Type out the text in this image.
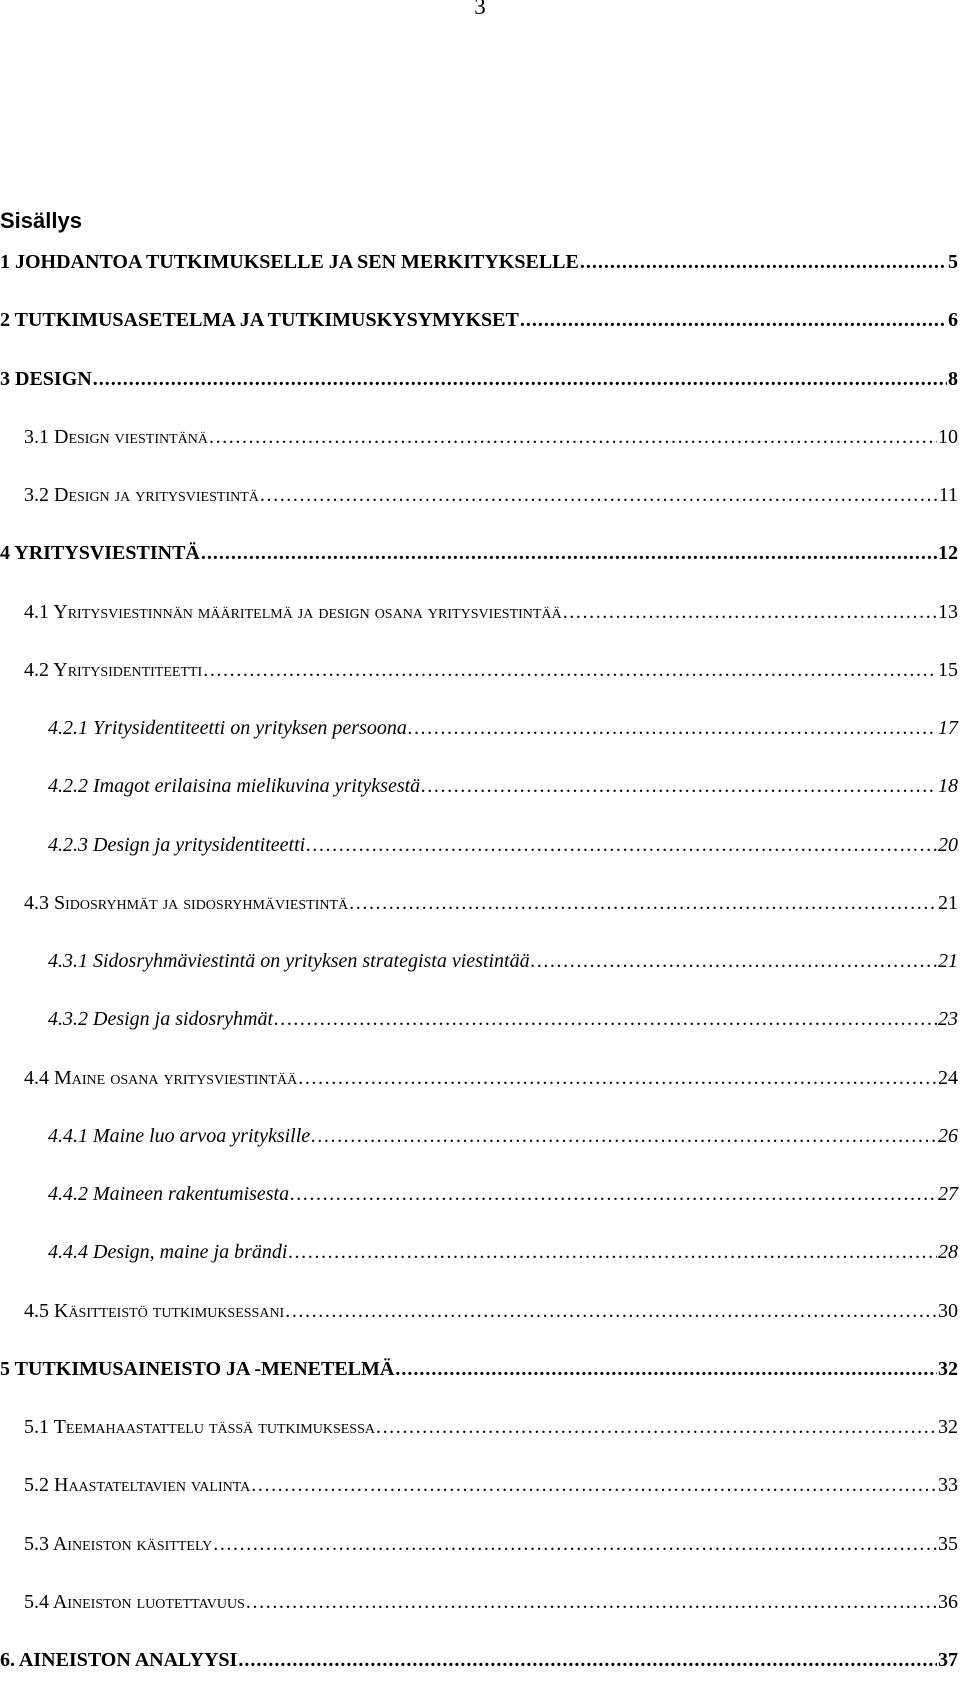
3
Sisällys
1 JOHDANTOA TUTKIMUKSELLE JA SEN MERKITYKSELLE . . .	5
2 TUTKIMUSASETELMA JA TUTKIMUSKYSYMYKSET . . .	6
3 DESIGN . . .	8
3.1 Design viestintänä . . .	10
3.2 Design ja yritysviestintä . . .	11
4 YRITYSVIESTINTÄ . . .	12
4.1 Yritysviestinnän määritelmä ja design osana yritysviestintää . . .	13
4.2 Yritysidentiteetti . . .	15
4.2.1 Yritysidentiteetti on yrityksen persoona . . .	17
4.2.2 Imagot erilaisina mielikuvina yrityksestä . . .	18
4.2.3 Design ja yritysidentiteetti . . .	20
4.3 Sidosryhmät ja sidosryhmäviestintä . . .	21
4.3.1 Sidosryhmäviestintä on yrityksen strategista viestintää . . .	21
4.3.2 Design ja sidosryhmät . . .	23
4.4 Maine osana yritysviestintää . . .	24
4.4.1 Maine luo arvoa yrityksille . . .	26
4.4.2 Maineen rakentumisesta . . .	27
4.4.4 Design, maine ja brändi . . .	28
4.5 Käsitteistö tutkimuksessani . . .	30
5 TUTKIMUSAINEISTO JA -MENETELMÄ . . .	32
5.1 Teemahaastattelu tässä tutkimuksessa . . .	32
5.2 Haastateltavien valinta . . .	33
5.3 Aineiston käsittely . . .	35
5.4 Aineiston luotettavuus . . .	36
6. AINEISTON ANALYYSI . . .	37
